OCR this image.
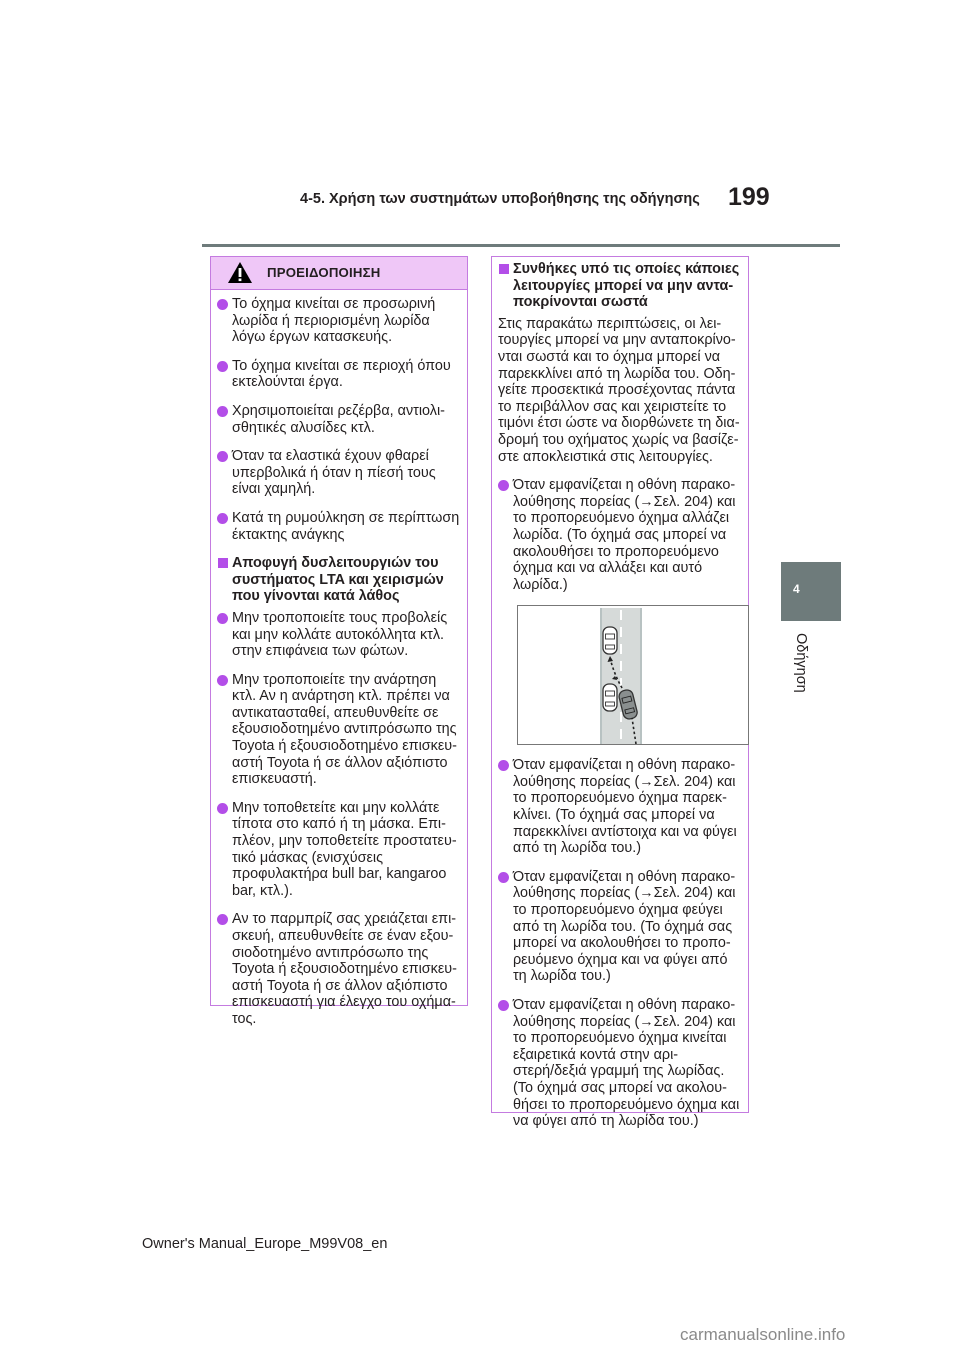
4-5. Χρήση των συστημάτων υποβοήθησης της οδήγησης 199
4
Οδήγηση
ΠΡΟΕΙΔΟΠΟΙΗΣΗ
Το όχημα κινείται σε προσωρινή
λωρίδα ή περιορισμένη λωρίδα
λόγω έργων κατασκευής.
Το όχημα κινείται σε περιοχή όπου
εκτελούνται έργα.
Χρησιμοποιείται ρεζέρβα, αντιολι-
σθητικές αλυσίδες κτλ.
Όταν τα ελαστικά έχουν φθαρεί
υπερβολικά ή όταν η πίεσή τους
είναι χαμηλή.
Κατά τη ρυμούλκηση σε περίπτωση
έκτακτης ανάγκης
Αποφυγή δυσλειτουργιών του
συστήματος LTA και χειρισμών
που γίνονται κατά λάθος
Μην τροποποιείτε τους προβολείς
και μην κολλάτε αυτοκόλλητα κτλ.
στην επιφάνεια των φώτων.
Μην τροποποιείτε την ανάρτηση
κτλ. Αν η ανάρτηση κτλ. πρέπει να
αντικατασταθεί, απευθυνθείτε σε
εξουσιοδοτημένο αντιπρόσωπο της
Toyota ή εξουσιοδοτημένο επισκευ-
αστή Toyota ή σε άλλον αξιόπιστο
επισκευαστή.
Μην τοποθετείτε και μην κολλάτε
τίποτα στο καπό ή τη μάσκα. Επι-
πλέον, μην τοποθετείτε προστατευ-
τικό μάσκας (ενισχύσεις
προφυλακτήρα bull bar, kangaroo
bar, κτλ.).
Αν το παρμπρίζ σας χρειάζεται επι-
σκευή, απευθυνθείτε σε έναν εξου-
σιοδοτημένο αντιπρόσωπο της
Toyota ή εξουσιοδοτημένο επισκευ-
αστή Toyota ή σε άλλον αξιόπιστο
επισκευαστή για έλεγχο του οχήμα-
τος.
Συνθήκες υπό τις οποίες κάποιες
λειτουργίες μπορεί να μην αντα-
ποκρίνονται σωστά
Στις παρακάτω περιπτώσεις, οι λει-
τουργίες μπορεί να μην ανταποκρίνο-
νται σωστά και το όχημα μπορεί να
παρεκκλίνει από τη λωρίδα του. Οδη-
γείτε προσεκτικά προσέχοντας πάντα
το περιβάλλον σας και χειριστείτε το
τιμόνι έτσι ώστε να διορθώνετε τη δια-
δρομή του οχήματος χωρίς να βασίζε-
στε αποκλειστικά στις λειτουργίες.
Όταν εμφανίζεται η οθόνη παρακο-
λούθησης πορείας (→Σελ. 204) και
το προπορευόμενο όχημα αλλάζει
λωρίδα. (Το όχημά σας μπορεί να
ακολουθήσει το προπορευόμενο
όχημα και να αλλάξει και αυτό
λωρίδα.)
Όταν εμφανίζεται η οθόνη παρακο-
λούθησης πορείας (→Σελ. 204) και
το προπορευόμενο όχημα παρεκ-
κλίνει. (Το όχημά σας μπορεί να
παρεκκλίνει αντίστοιχα και να φύγει
από τη λωρίδα του.)
Όταν εμφανίζεται η οθόνη παρακο-
λούθησης πορείας (→Σελ. 204) και
το προπορευόμενο όχημα φεύγει
από τη λωρίδα του. (Το όχημά σας
μπορεί να ακολουθήσει το προπο-
ρευόμενο όχημα και να φύγει από
τη λωρίδα του.)
Όταν εμφανίζεται η οθόνη παρακο-
λούθησης πορείας (→Σελ. 204) και
το προπορευόμενο όχημα κινείται
εξαιρετικά κοντά στην αρι-
στερή/δεξιά γραμμή της λωρίδας.
(Το όχημά σας μπορεί να ακολου-
θήσει το προπορευόμενο όχημα και
να φύγει από τη λωρίδα του.)
Owner's Manual_Europe_M99V08_en
carmanualsonline.info
